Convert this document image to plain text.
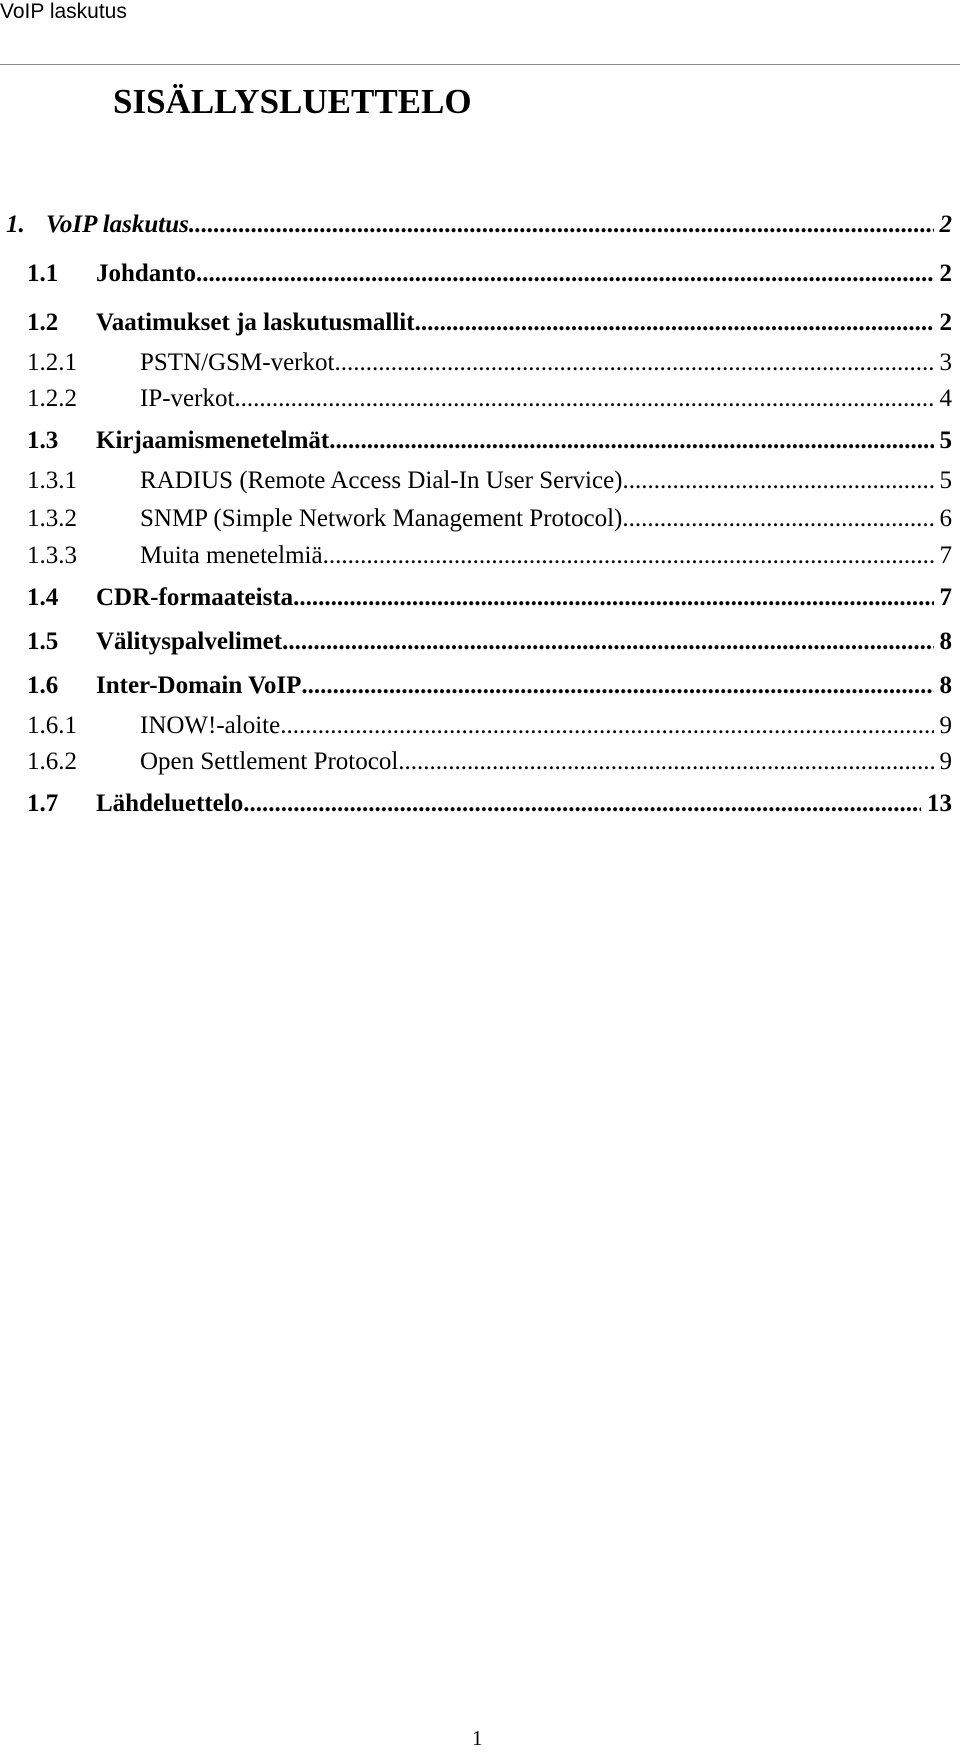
VoIP laskutus
SISÄLLYSLUETTELO
1. VoIP laskutus .....	2
1.1	Johdanto .....	2
1.2	Vaatimukset ja laskutusmallit .....	2
1.2.1	PSTN/GSM-verkot .....	3
1.2.2	IP-verkot .....	4
1.3	Kirjaamismenetelmät .....	5
1.3.1	RADIUS (Remote Access Dial-In User Service) .....	5
1.3.2	SNMP (Simple Network Management Protocol) .....	6
1.3.3	Muita menetelmiä .....	7
1.4	CDR-formaateista .....	7
1.5	Välityspalvelimet .....	8
1.6	Inter-Domain VoIP .....	8
1.6.1	INOW!-aloite .....	9
1.6.2	Open Settlement Protocol .....	9
1.7	Lähdeluettelo .....	13
1
